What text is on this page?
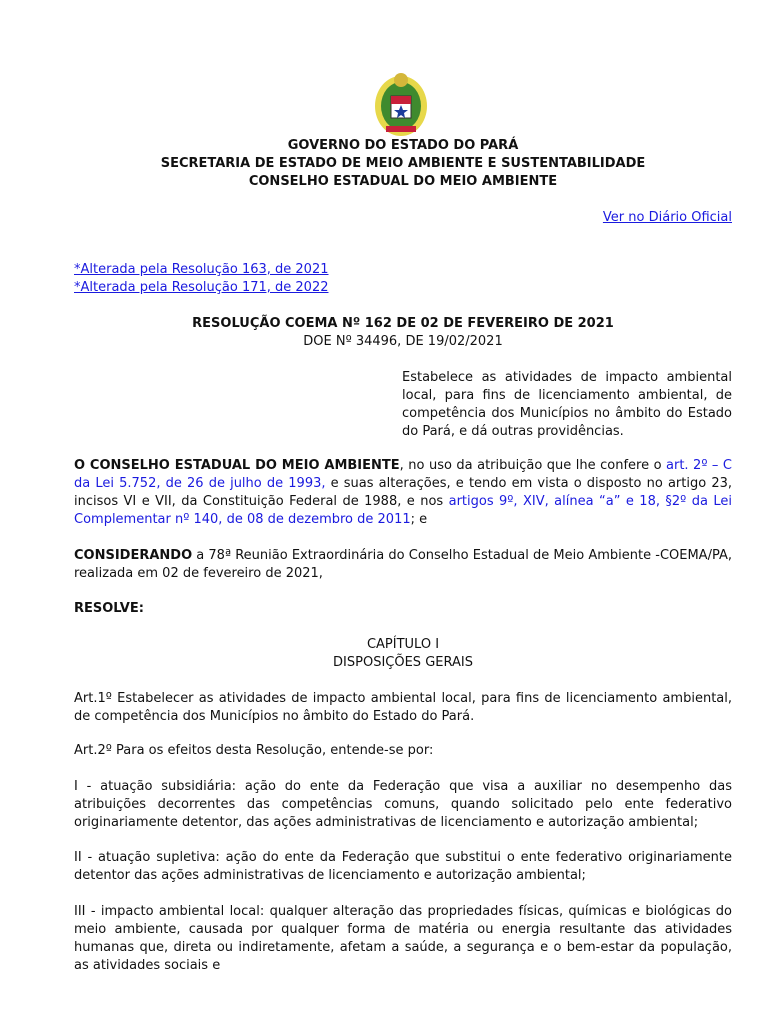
GOVERNO DO ESTADO DO PARÁ
SECRETARIA DE ESTADO DE MEIO AMBIENTE E SUSTENTABILIDADE
CONSELHO ESTADUAL DO MEIO AMBIENTE
Ver no Diário Oficial
*Alterada pela Resolução 163, de 2021
*Alterada pela Resolução 171, de 2022
RESOLUÇÃO COEMA Nº 162 DE 02 DE FEVEREIRO DE 2021
DOE Nº 34496, DE 19/02/2021
Estabelece as atividades de impacto ambiental local, para fins de licenciamento ambiental, de competência dos Municípios no âmbito do Estado do Pará, e dá outras providências.

O CONSELHO ESTADUAL DO MEIO AMBIENTE, no uso da atribuição que lhe confere o art. 2º – C da Lei 5.752, de 26 de julho de 1993, e suas alterações, e tendo em vista o disposto no artigo 23, incisos VI e VII, da Constituição Federal de 1988, e nos artigos 9º, XIV, alínea “a” e 18, §2º da Lei Complementar nº 140, de 08 de dezembro de 2011; e

CONSIDERANDO a 78ª Reunião Extraordinária do Conselho Estadual de Meio Ambiente -COEMA/PA, realizada em 02 de fevereiro de 2021,

RESOLVE:
CAPÍTULO I
DISPOSIÇÕES GERAIS

Art.1º Estabelecer as atividades de impacto ambiental local, para fins de licenciamento ambiental, de competência dos Municípios no âmbito do Estado do Pará.

Art.2º Para os efeitos desta Resolução, entende-se por:

I - atuação subsidiária: ação do ente da Federação que visa a auxiliar no desempenho das atribuições decorrentes das competências comuns, quando solicitado pelo ente federativo originariamente detentor, das ações administrativas de licenciamento e autorização ambiental;

II - atuação supletiva: ação do ente da Federação que substitui o ente federativo originariamente detentor das ações administrativas de licenciamento e autorização ambiental;

III - impacto ambiental local: qualquer alteração das propriedades físicas, químicas e biológicas do meio ambiente, causada por qualquer forma de matéria ou energia resultante das atividades humanas que, direta ou indiretamente, afetam a saúde, a segurança e o bem-estar da população, as atividades sociais e
